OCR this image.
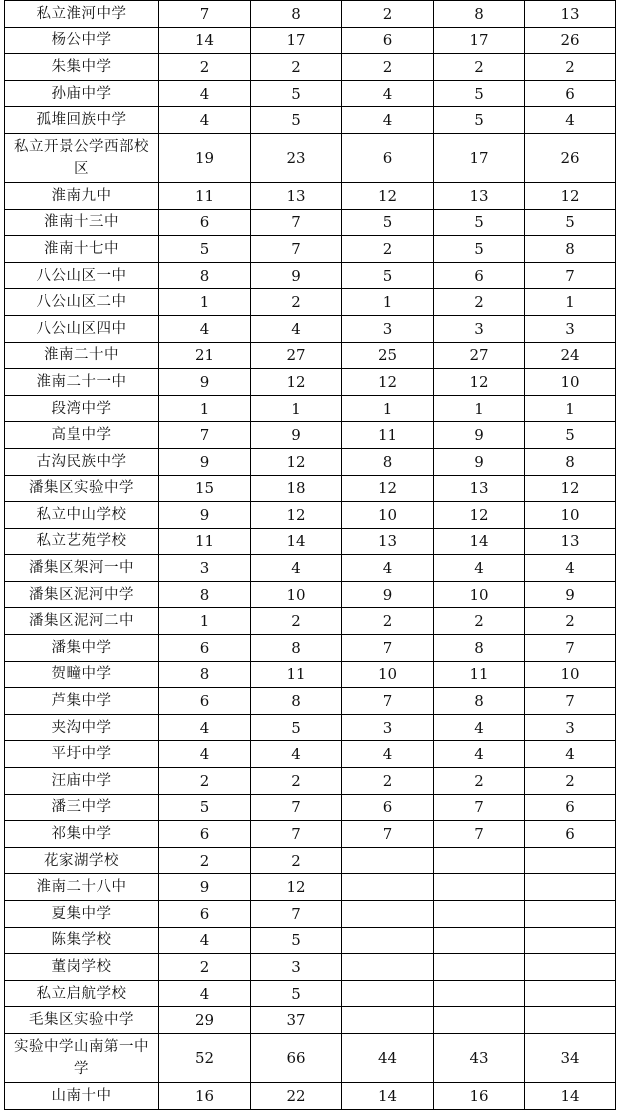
私立淮河中学	7	8	2	8	13
杨公中学	14	17	6	17	26
朱集中学	2	2	2	2	2
孙庙中学	4	5	4	5	6
孤堆回族中学	4	5	4	5	4
私立开景公学西部校区	19	23	6	17	26
淮南九中	11	13	12	13	12
淮南十三中	6	7	5	5	5
淮南十七中	5	7	2	5	8
八公山区一中	8	9	5	6	7
八公山区二中	1	2	1	2	1
八公山区四中	4	4	3	3	3
淮南二十中	21	27	25	27	24
淮南二十一中	9	12	12	12	10
段湾中学	1	1	1	1	1
高皇中学	7	9	11	9	5
古沟民族中学	9	12	8	9	8
潘集区实验中学	15	18	12	13	12
私立中山学校	9	12	10	12	10
私立艺苑学校	11	14	13	14	13
潘集区架河一中	3	4	4	4	4
潘集区泥河中学	8	10	9	10	9
潘集区泥河二中	1	2	2	2	2
潘集中学	6	8	7	8	7
贺疃中学	8	11	10	11	10
芦集中学	6	8	7	8	7
夹沟中学	4	5	3	4	3
平圩中学	4	4	4	4	4
汪庙中学	2	2	2	2	2
潘三中学	5	7	6	7	6
祁集中学	6	7	7	7	6
花家湖学校	2	2			
淮南二十八中	9	12			
夏集中学	6	7			
陈集学校	4	5			
董岗学校	2	3			
私立启航学校	4	5			
毛集区实验中学	29	37			
实验中学山南第一中学	52	66	44	43	34
山南十中	16	22	14	16	14
